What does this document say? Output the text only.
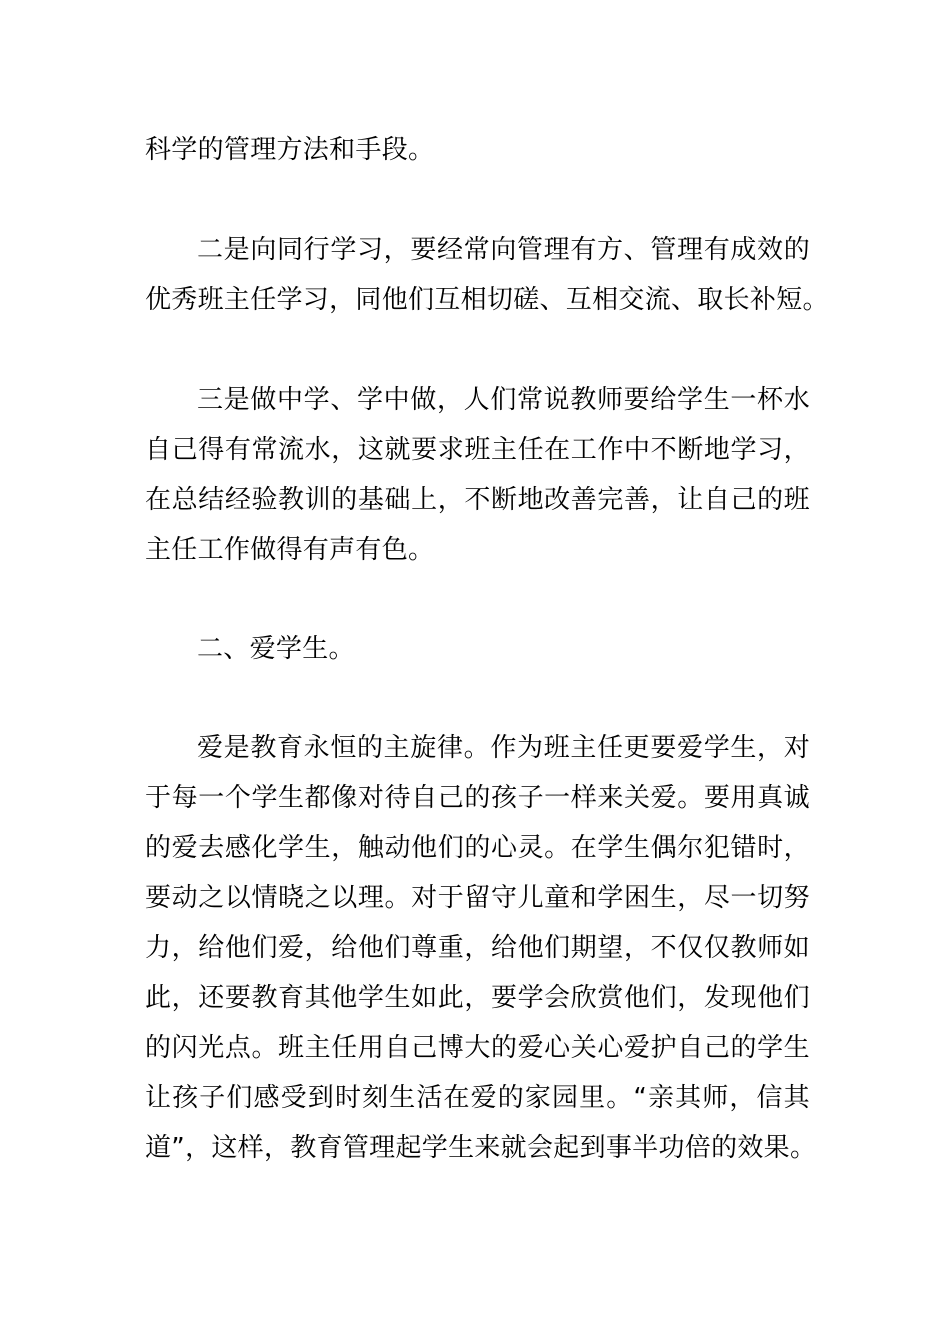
科学的管理方法和手段。
二是向同行学习，要经常向管理有方、管理有成效的
优秀班主任学习，同他们互相切磋、互相交流、取长补短。
三是做中学、学中做，人们常说教师要给学生一杯水
自己得有常流水，这就要求班主任在工作中不断地学习，
在总结经验教训的基础上，不断地改善完善，让自己的班
主任工作做得有声有色。
二、爱学生。
爱是教育永恒的主旋律。作为班主任更要爱学生，对
于每一个学生都像对待自己的孩子一样来关爱。要用真诚
的爱去感化学生，触动他们的心灵。在学生偶尔犯错时，
要动之以情晓之以理。对于留守儿童和学困生，尽一切努
力，给他们爱，给他们尊重，给他们期望，不仅仅教师如
此，还要教育其他学生如此，要学会欣赏他们，发现他们
的闪光点。班主任用自己博大的爱心关心爱护自己的学生
让孩子们感受到时刻生活在爱的家园里。“亲其师，信其
道”，这样，教育管理起学生来就会起到事半功倍的效果。
